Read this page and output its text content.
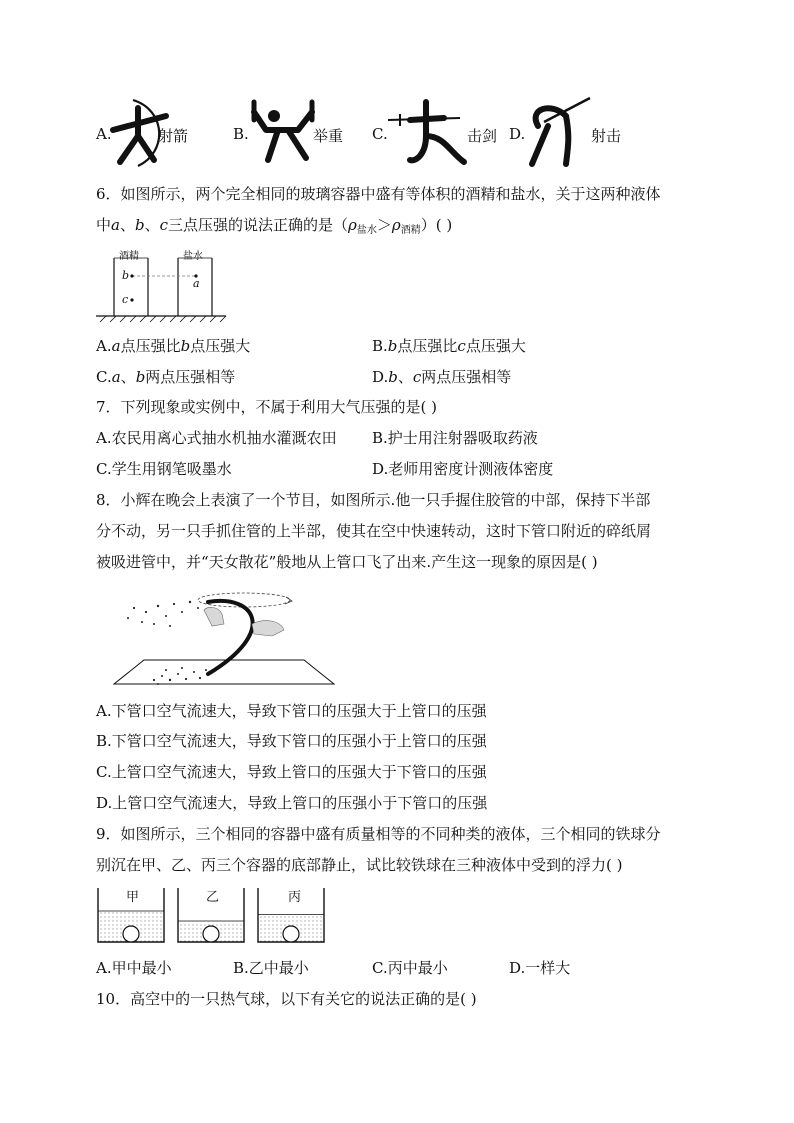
A.	射箭	B.	举重 C.	击剑 D.	射击
6．如图所示，两个完全相同的玻璃容器中盛有等体积的酒精和盐水，关于这两种液体
中a、b、c三点压强的说法正确的是$(\rho_{盐水}>\rho_{酒精})$( )
酒精	盐水
b
c
a
A.a点压强比b点压强大	B.b点压强比c点压强大
C.a、b两点压强相等	D.b、c两点压强相等
7．下列现象或实例中，不属于利用大气压强的是( )
A.农民用离心式抽水机抽水灌溉农田 B.护士用注射器吸取药液
C.学生用钢笔吸墨水	D.老师用密度计测液体密度
8．小辉在晚会上表演了一个节目，如图所示.他一只手握住胶管的中部，保持下半部
分不动，另一只手抓住管的上半部，使其在空中快速转动，这时下管口附近的碎纸屑
被吸进管中，并“天女散花”般地从上管口飞了出来.产生这一现象的原因是( )
A.下管口空气流速大，导致下管口的压强大于上管口的压强
B.下管口空气流速大，导致下管口的压强小于上管口的压强
C.上管口空气流速大，导致上管口的压强大于下管口的压强
D.上管口空气流速大，导致上管口的压强小于下管口的压强
9．如图所示，三个相同的容器中盛有质量相等的不同种类的液体，三个相同的铁球分
别沉在甲、乙、丙三个容器的底部静止，试比较铁球在三种液体中受到的浮力( )
甲	乙	丙
A.甲中最小	B.乙中最小	C.丙中最小	D.一样大
10．高空中的一只热气球，以下有关它的说法正确的是( )
